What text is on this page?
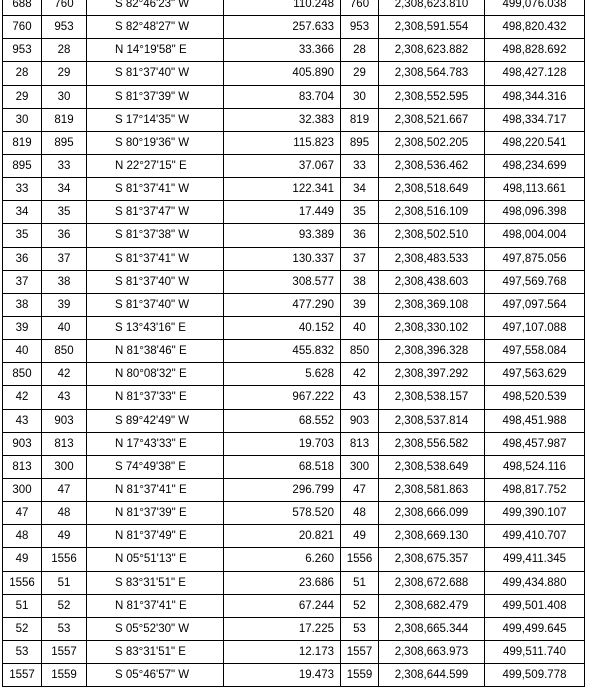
688	760	S 82°46'23" W	110.248	760	2,308,623.810	499,076.038
760	953	S 82°48'27" W	257.633	953	2,308,591.554	498,820.432
953	28	N 14°19'58" E	33.366	28	2,308,623.882	498,828.692
28	29	S 81°37'40" W	405.890	29	2,308,564.783	498,427.128
29	30	S 81°37'39" W	83.704	30	2,308,552.595	498,344.316
30	819	S 17°14'35" W	32.383	819	2,308,521.667	498,334.717
819	895	S 80°19'36" W	115.823	895	2,308,502.205	498,220.541
895	33	N 22°27'15" E	37.067	33	2,308,536.462	498,234.699
33	34	S 81°37'41" W	122.341	34	2,308,518.649	498,113.661
34	35	S 81°37'47" W	17.449	35	2,308,516.109	498,096.398
35	36	S 81°37'38" W	93.389	36	2,308,502.510	498,004.004
36	37	S 81°37'41" W	130.337	37	2,308,483.533	497,875.056
37	38	S 81°37'40" W	308.577	38	2,308,438.603	497,569.768
38	39	S 81°37'40" W	477.290	39	2,308,369.108	497,097.564
39	40	S 13°43'16" E	40.152	40	2,308,330.102	497,107.088
40	850	N 81°38'46" E	455.832	850	2,308,396.328	497,558.084
850	42	N 80°08'32" E	5.628	42	2,308,397.292	497,563.629
42	43	N 81°37'33" E	967.222	43	2,308,538.157	498,520.539
43	903	S 89°42'49" W	68.552	903	2,308,537.814	498,451.988
903	813	N 17°43'33" E	19.703	813	2,308,556.582	498,457.987
813	300	S 74°49'38" E	68.518	300	2,308,538.649	498,524.116
300	47	N 81°37'41" E	296.799	47	2,308,581.863	498,817.752
47	48	N 81°37'39" E	578.520	48	2,308,666.099	499,390.107
48	49	N 81°37'49" E	20.821	49	2,308,669.130	499,410.707
49	1556	N 05°51'13" E	6.260	1556	2,308,675.357	499,411.345
1556	51	S 83°31'51" E	23.686	51	2,308,672.688	499,434.880
51	52	N 81°37'41" E	67.244	52	2,308,682.479	499,501.408
52	53	S 05°52'30" W	17.225	53	2,308,665.344	499,499.645
53	1557	S 83°31'51" E	12.173	1557	2,308,663.973	499,511.740
1557	1559	S 05°46'57" W	19.473	1559	2,308,644.599	499,509.778
